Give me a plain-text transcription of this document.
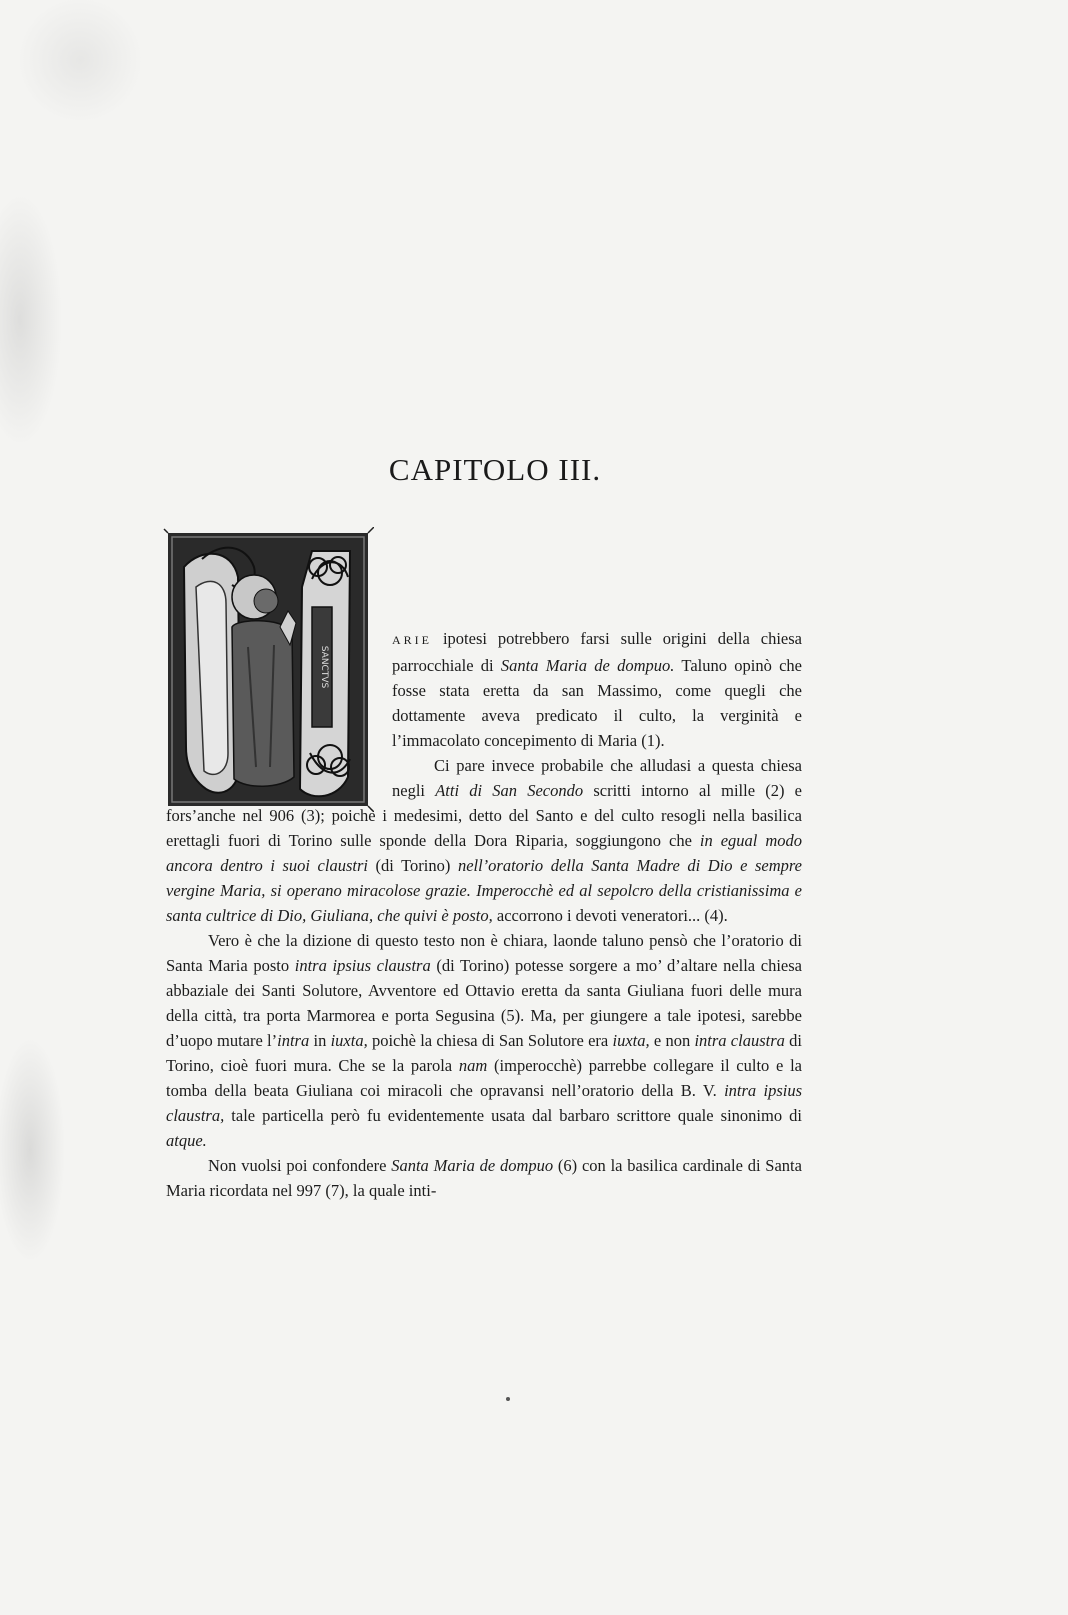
CAPITOLO III.
SANCTVS

ARIE ipotesi potrebbero farsi sulle origini della chiesa parrocchiale di Santa Maria de dompuo. Taluno opinò che fosse stata eretta da san Massimo, come quegli che dottamente aveva predicato il culto, la verginità e l’immacolato concepimento di Maria (1).

Ci pare invece probabile che alludasi a questa chiesa negli Atti di San Secondo scritti intorno al mille (2) e fors’anche nel 906 (3); poichè i medesimi, detto del Santo e del culto resogli nella basilica erettagli fuori di Torino sulle sponde della Dora Riparia, soggiungono che in egual modo ancora dentro i suoi claustri (di Torino) nell’oratorio della Santa Madre di Dio e sempre vergine Maria, si operano miracolose grazie. Imperocchè ed al sepolcro della cristianissima e santa cultrice di Dio, Giuliana, che quivi è posto, accorrono i devoti veneratori... (4).

Vero è che la dizione di questo testo non è chiara, laonde taluno pensò che l’oratorio di Santa Maria posto intra ipsius claustra (di Torino) potesse sorgere a mo’ d’altare nella chiesa abbaziale dei Santi Solutore, Avventore ed Ottavio eretta da santa Giuliana fuori delle mura della città, tra porta Marmorea e porta Segusina (5). Ma, per giungere a tale ipotesi, sarebbe d’uopo mutare l’intra in iuxta, poichè la chiesa di San Solutore era iuxta, e non intra claustra di Torino, cioè fuori mura. Che se la parola nam (imperocchè) parrebbe collegare il culto e la tomba della beata Giuliana coi miracoli che opravansi nell’oratorio della B. V. intra ipsius claustra, tale particella però fu evidentemente usata dal barbaro scrittore quale sinonimo di atque.

Non vuolsi poi confondere Santa Maria de dompuo (6) con la basilica cardinale di Santa Maria ricordata nel 997 (7), la quale inti-
